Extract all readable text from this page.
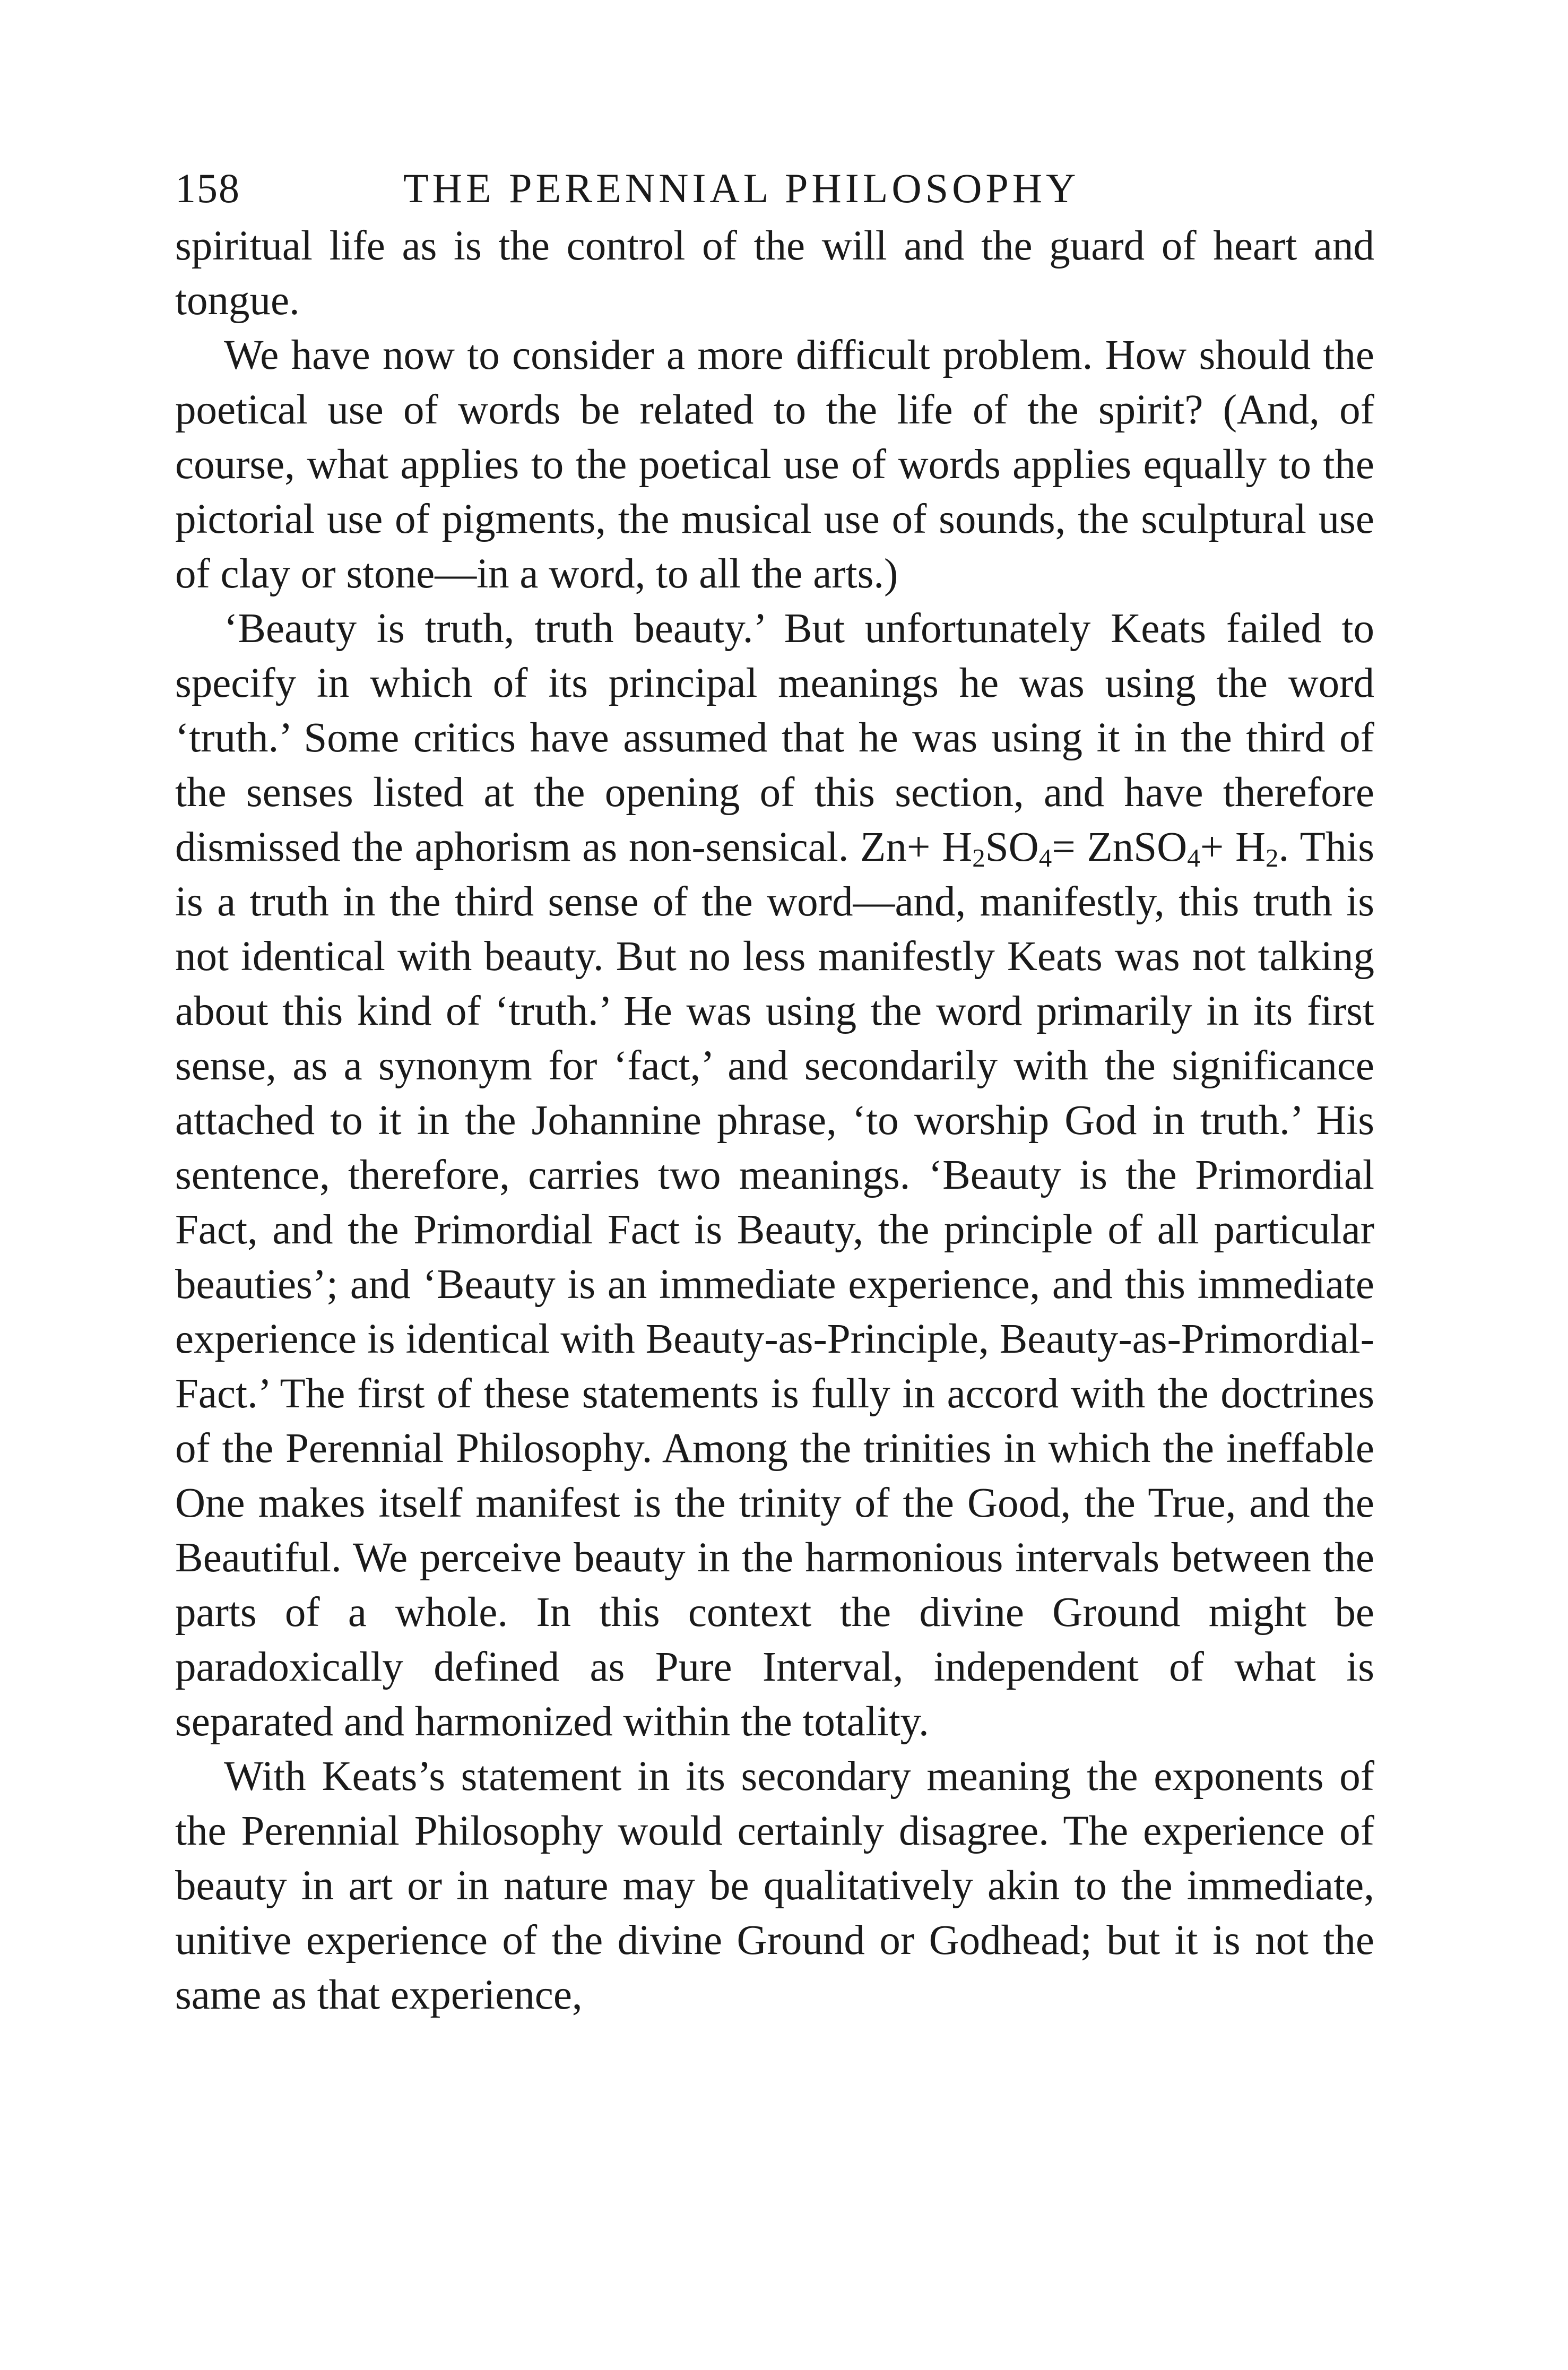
158	THE PERENNIAL PHILOSOPHY

spiritual life as is the control of the will and the guard of heart and tongue.

We have now to consider a more difficult problem. How should the poetical use of words be related to the life of the spirit? (And, of course, what applies to the poetical use of words applies equally to the pictorial use of pigments, the musical use of sounds, the sculptural use of clay or stone—in a word, to all the arts.)

‘Beauty is truth, truth beauty.’ But unfortunately Keats failed to specify in which of its principal meanings he was using the word ‘truth.’ Some critics have assumed that he was using it in the third of the senses listed at the opening of this section, and have therefore dismissed the aphorism as non-sensical. $Zn+ H_2SO_4=$ ZnSO$_4$+ $H_2$. This is a truth in the third sense of the word—and, manifestly, this truth is not identical with beauty. But no less manifestly Keats was not talking about this kind of ‘truth.’ He was using the word primarily in its first sense, as a synonym for ‘fact,’ and secondarily with the significance attached to it in the Johannine phrase, ‘to worship God in truth.’ His sentence, therefore, carries two meanings. ‘Beauty is the Primordial Fact, and the Primordial Fact is Beauty, the principle of all particular beauties’; and ‘Beauty is an immediate experience, and this immediate experience is identical with Beauty-as-Principle, Beauty-as-Primordial-Fact.’ The first of these statements is fully in accord with the doctrines of the Perennial Philosophy. Among the trinities in which the ineffable One makes itself manifest is the trinity of the Good, the True, and the Beautiful. We perceive beauty in the harmonious intervals between the parts of a whole. In this context the divine Ground might be paradoxically defined as Pure Interval, independent of what is separated and harmonized within the totality.

With Keats’s statement in its secondary meaning the exponents of the Perennial Philosophy would certainly disagree. The experience of beauty in art or in nature may be qualitatively akin to the immediate, unitive experience of the divine Ground or Godhead; but it is not the same as that experience,
